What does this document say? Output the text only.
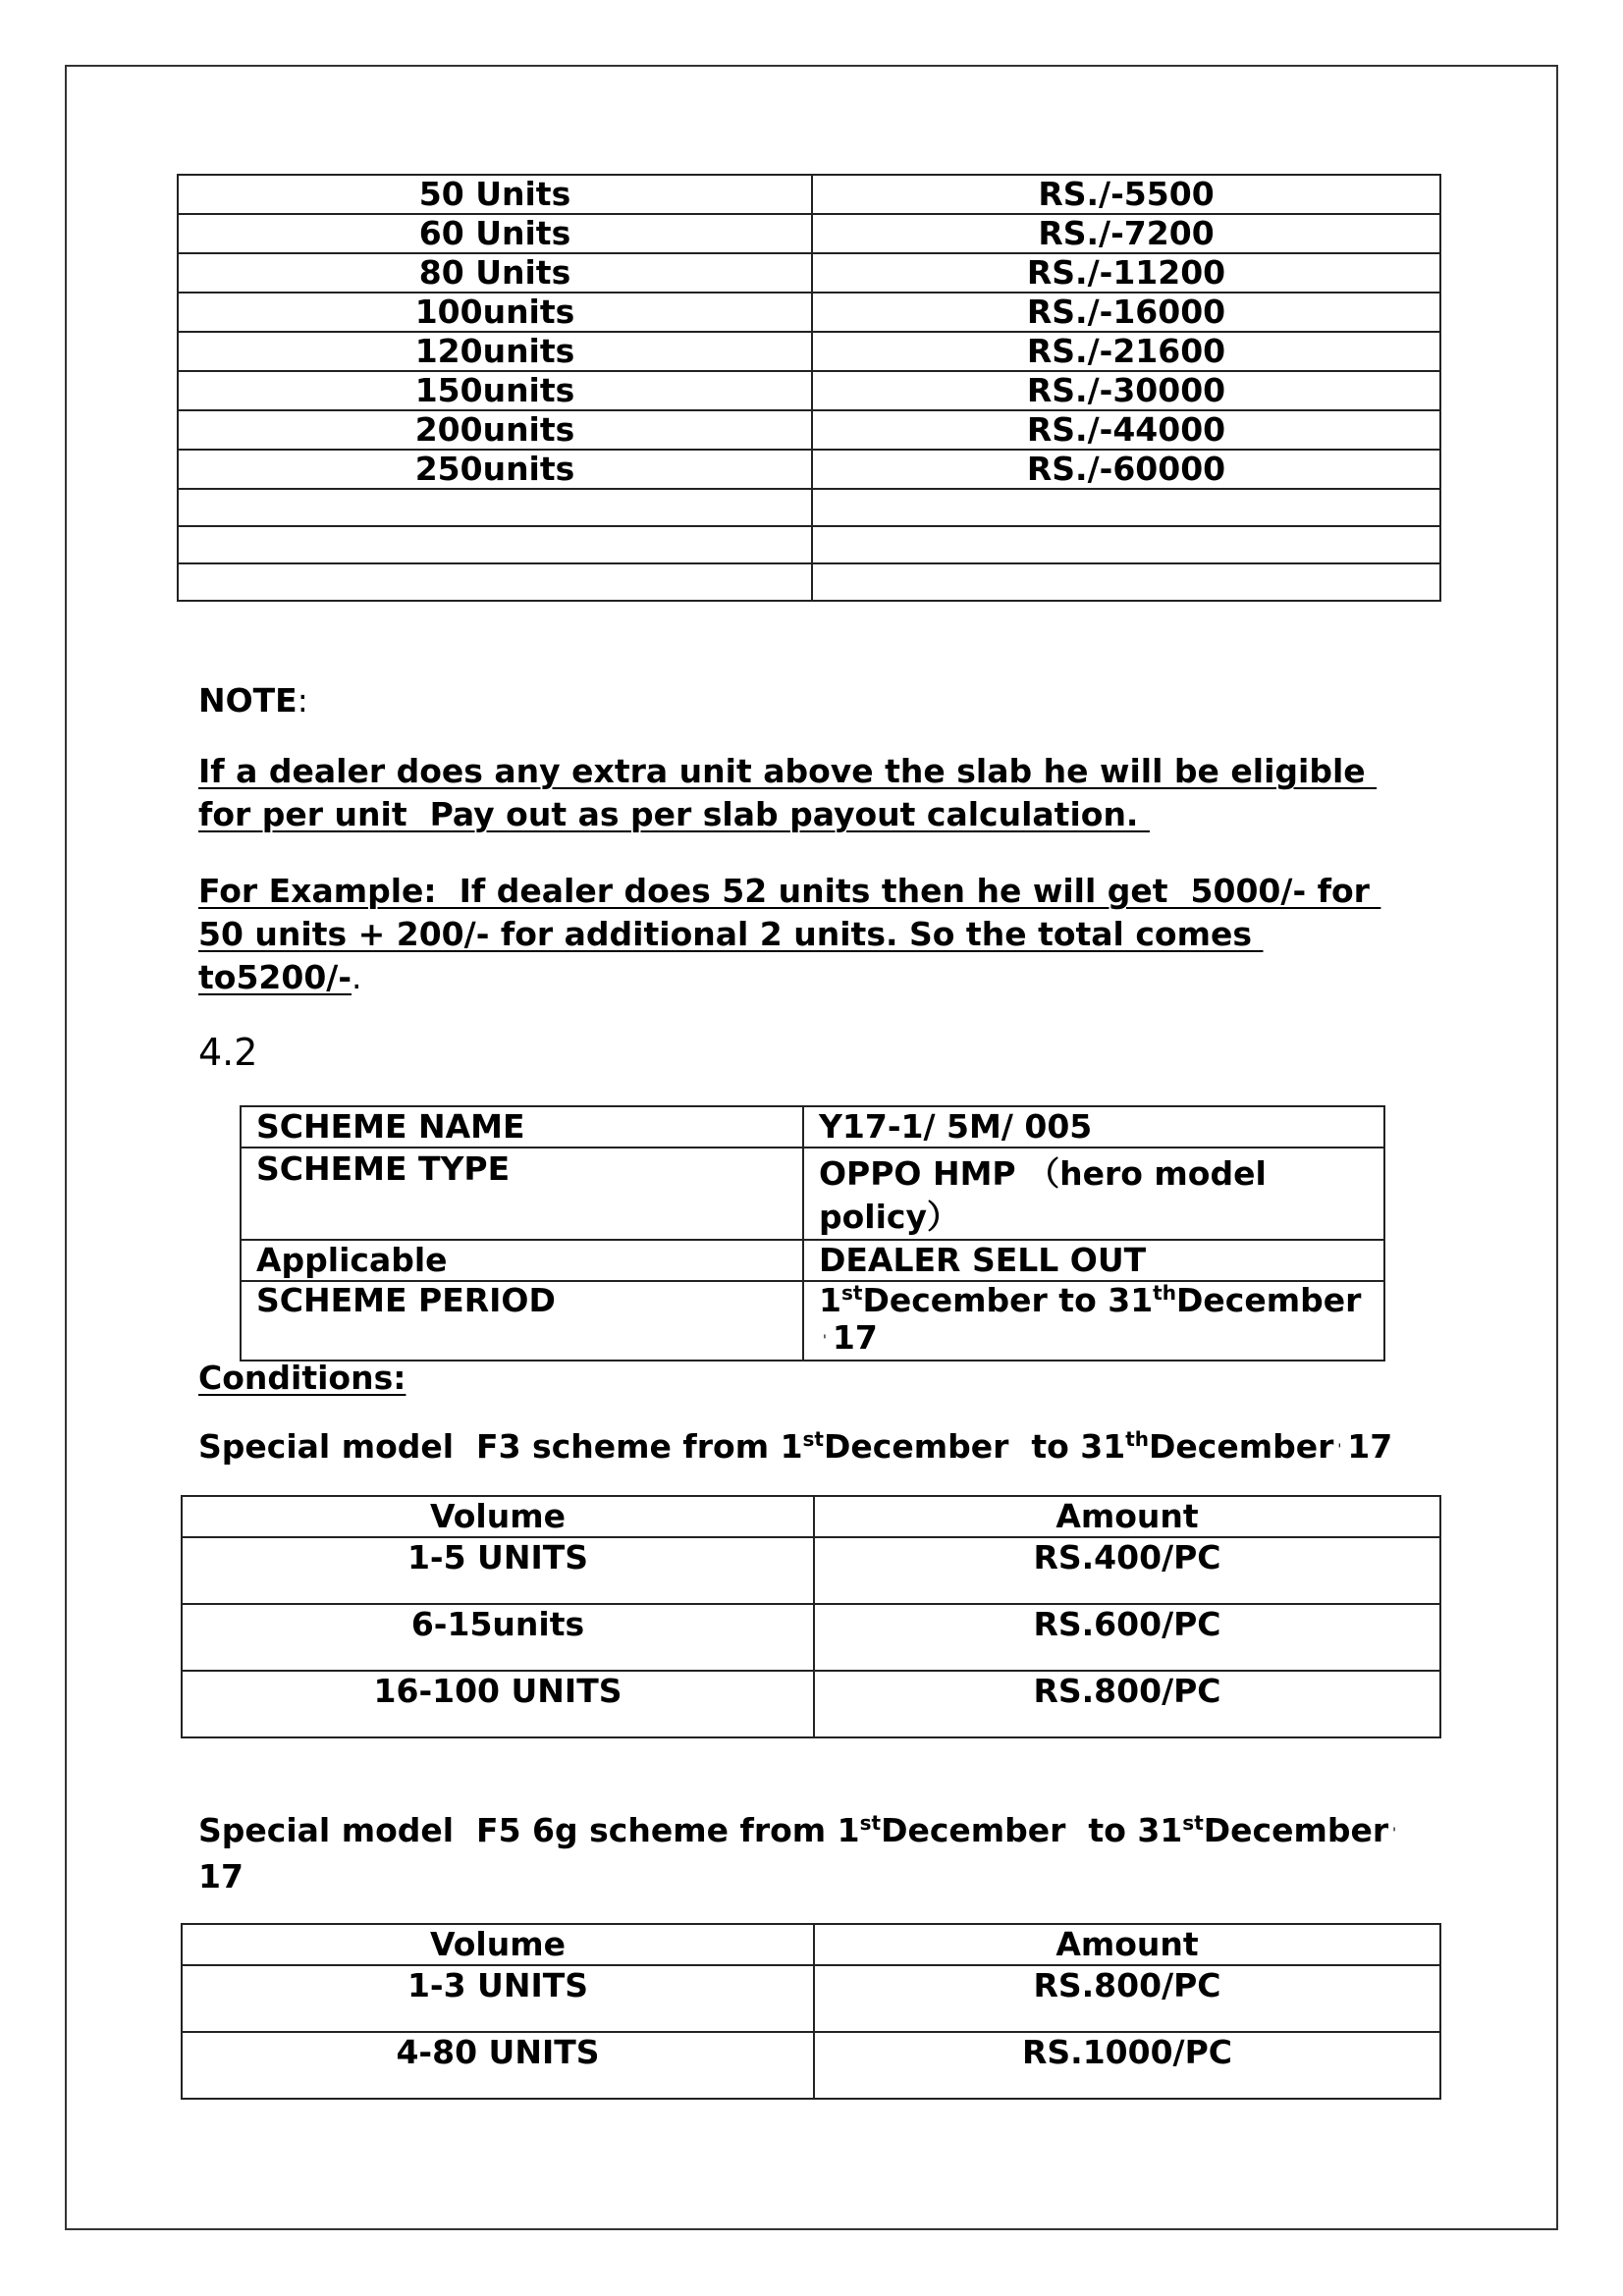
50 Units	RS./-5500
60 Units	RS./-7200
80 Units	RS./-11200
100units	RS./-16000
120units	RS./-21600
150units	RS./-30000
200units	RS./-44000
250units	RS./-60000

NOTE:
If a dealer does any extra unit above the slab he will be eligible
for per unit  Pay out as per slab payout calculation.
For Example:  If dealer does 52 units then he will get  5000/- for
50 units + 200/- for additional 2 units. So the total comes
to5200/-.
4.2
SCHEME NAME	Y17-1/ 5M/ 005
SCHEME TYPE	OPPO HMP （hero model
policy）

Applicable	DEALER SELL OUT
SCHEME PERIOD	1stDecember to 31thDecember
' 17
Conditions:
Special model  F3 scheme from 1stDecember  to 31thDecember ' 17
Volume	Amount
1-5 UNITS	RS.400/PC
6-15units	RS.600/PC
16-100 UNITS	RS.800/PC
Special model  F5 6g scheme from 1stDecember  to 31stDecember '
17
Volume	Amount
1-3 UNITS	RS.800/PC
4-80 UNITS	RS.1000/PC
